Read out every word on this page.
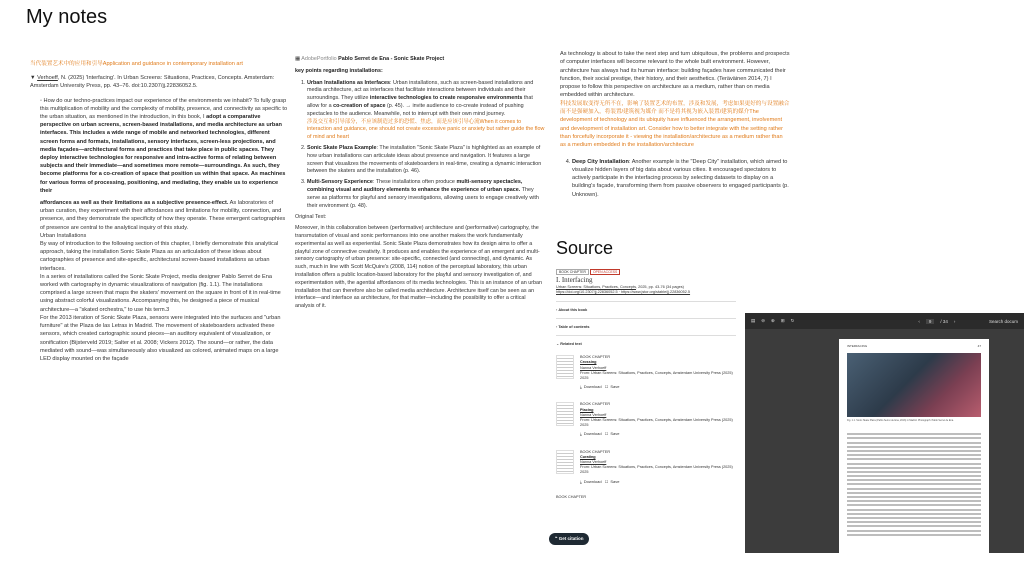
My notes
当代装置艺术中的应用和引导Application and guidance in contemporary installation art
▼ Verhoeff, N. (2025) 'Interfacing'. In Urban Screens: Situations, Practices, Concepts. Amsterdam: Amsterdam University Press, pp. 43–76. doi:10.2307/jj.22836052.5.
◦ How do our techno-practices impact our experience of the environments we inhabit? To fully grasp this multiplication of mobility and the complexity of mobility, presence, and connectivity as specific to the urban situation, as mentioned in the introduction, in this book, I adopt a comparative perspective on urban screens, screen-based installations, and media architecture as urban interfaces. This includes a wide range of mobile and networked technologies, different screen forms and formats, installations, sensory interfaces, screen-less projections, and media façades—architectural forms and practices that take place in public spaces. They deploy interactive technologies for responsive and intra-active forms of relating between subjects and their immediate—and sometimes more remote—surroundings. As such, they become platforms for a co-creation of space that position us within that space. As machines for various forms of processing, positioning, and mediating, they enable us to experience their
affordances as well as their limitations as a subjective presence-effect. As laboratories of urban curation, they experiment with their affordances and limitations for mobility, connection, and presence, and they demonstrate the specificity of how they operate. These emergent cartographies of presence are central to the analytical inquiry of this study.
Urban Installations
By way of introduction to the following section of this chapter, I briefly demonstrate this analytical approach, taking the installation Sonic Skate Plaza as an articulation of these ideas about cartographies of presence and site-specific, architectural screen-based installations as urban interfaces.
In a series of installations called the Sonic Skate Project, media designer Pablo Serret de Ena worked with cartography in dynamic visualizations of navigation (fig. 1.1). The installations comprised a large screen that maps the skaters' movement on the square in front of it in real-time using abstract colorful visualizations. Accompanying this, he designed a piece of musical architecture—a "skated orchestra," to use his term.3
For the 2013 iteration of Sonic Skate Plaza, sensors were integrated into the surfaces and "urban furniture" at the Plaza de las Letras in Madrid. The movement of skateboarders activated these sensors, which created cartographic sound pieces—an auditory equivalent of visualization, or sonification (Bijsterveld 2019; Salter et al. 2008; Vickers 2012). The sound—or rather, the data mediated with sound—was simultaneously also visualized as colored, animated maps on a large LED display mounted on the façade
▦ AdobePortfolio Pablo Serret de Ena - Sonic Skate Project
key points regarding installations:
1. Urban Installations as Interfaces: Urban installations, such as screen-based installations and media architecture, act as interfaces that facilitate interactions between individuals and their surroundings. They utilize interactive technologies to create responsive environments that allow for a co-creation of space (p. 45). → invite audience to co-create instead of pushing spectacles to the audience. Meanwhile, not to interrupt with their own mind journey.
涉及交互和引导部分，不应该制造过多的恐慌、焦虑，而是应该引导心流When it comes to interaction and guidance, one should not create excessive panic or anxiety but rather guide the flow of mind and heart
2. Sonic Skate Plaza Example: The installation "Sonic Skate Plaza" is highlighted as an example of how urban installations can articulate ideas about presence and navigation. It features a large screen that visualizes the movements of skateboarders in real-time, creating a dynamic interaction between the skaters and the installation (p. 46).
3. Multi-Sensory Experience: These installations often produce multi-sensory spectacles, combining visual and auditory elements to enhance the experience of urban space. They serve as platforms for playful and sensory investigations, allowing users to engage creatively with their environment (p. 48).
Original Text:
Moreover, in this collaboration between (performative) architecture and (performative) cartography, the transmutation of visual and sonic performances into one another makes the work fundamentally experimental as well as experiential. Sonic Skate Plaza demonstrates how its design aims to offer a playful zone of connective creativity. It produces and enables the experience of an emergent and multi-sensory cartography of urban presence: site-specific, connected (and connecting), and dynamic. As such, much in line with Scott McQuire's (2008, 114) notion of the perceptual laboratory, this urban installation offers a public location-based laboratory for the playful and sensory investigation of, and experimentation with, the agential affordances of its media technologies. This is an instance of an urban installation that can therefore also be called media architecture. Architecture itself can be seen as an interface—and interface as architecture, for that matter—including the possibility to offer a critical analysis of it.
As technology is about to take the next step and turn ubiquitous, the problems and prospects of computer interfaces will become relevant to the whole built environment. However, architecture has always had its human interface: building façades have communicated their function, their social prestige, their history, and their aesthetics. (Teräväinen 2014, 7) I propose to follow this perspective on architecture as a medium, rather than on media embedded within architecture.
科技发展取变得无所不在，影响了装置艺术的布置，涉及和发展，考虑如果更好的与设置融合 而不是强硬加入，将装置/建筑视为媒介 而不是将其视为嵌入装置/建筑的媒介The development of technology and its ubiquity have influenced the arrangement, involvement and development of installation art. Consider how to better integrate with the setting rather than forcefully incorporate it - viewing the installation/architecture as a medium rather than as a medium embedded in the installation/architecture
4. Deep City Installation: Another example is the "Deep City" installation, which aimed to visualize hidden layers of big data about various cities. It encouraged spectators to actively participate in the interfacing process by selecting datasets to display on a building's façade, transforming them from passive observers to engaged participants (p. Unknown).
Source
BOOK CHAPTER OPEN ACCESS
I. Interfacing
Urban Screens: Situations, Practices, Concepts, 2025, pp. 43-76 (34 pages)
https://doi.org/10.2307/jj.22836052.5 · https://www.jstor.org/stable/jj.22836052.5
› About this book
› Table of contents
⌄ Related text
BOOK CHAPTER
Crossing
Nanna Verhoeff
From: Urban Screens: Situations, Practices, Concepts, Amsterdam University Press (2025)
2025
⤓ Download ☐ Save
BOOK CHAPTER
Placing
Nanna Verhoeff
From: Urban Screens: Situations, Practices, Concepts, Amsterdam University Press (2025)
2025
⤓ Download ☐ Save
BOOK CHAPTER
Curating
Nanna Verhoeff
From: Urban Screens: Situations, Practices, Concepts, Amsterdam University Press (2025)
2025
⤓ Download ☐ Save
BOOK CHAPTER
❝ Get citation
▤ ⊖ ⊕ ⊞ ↻	‹	9	/ 34 ›	Search docum
INTERFACING	47
Fig. 1.1. Sonic Skate Plaza (Pablo Serret de Ena, 2013) in Madrid. Photograph: Pablo Serret de Ena.
